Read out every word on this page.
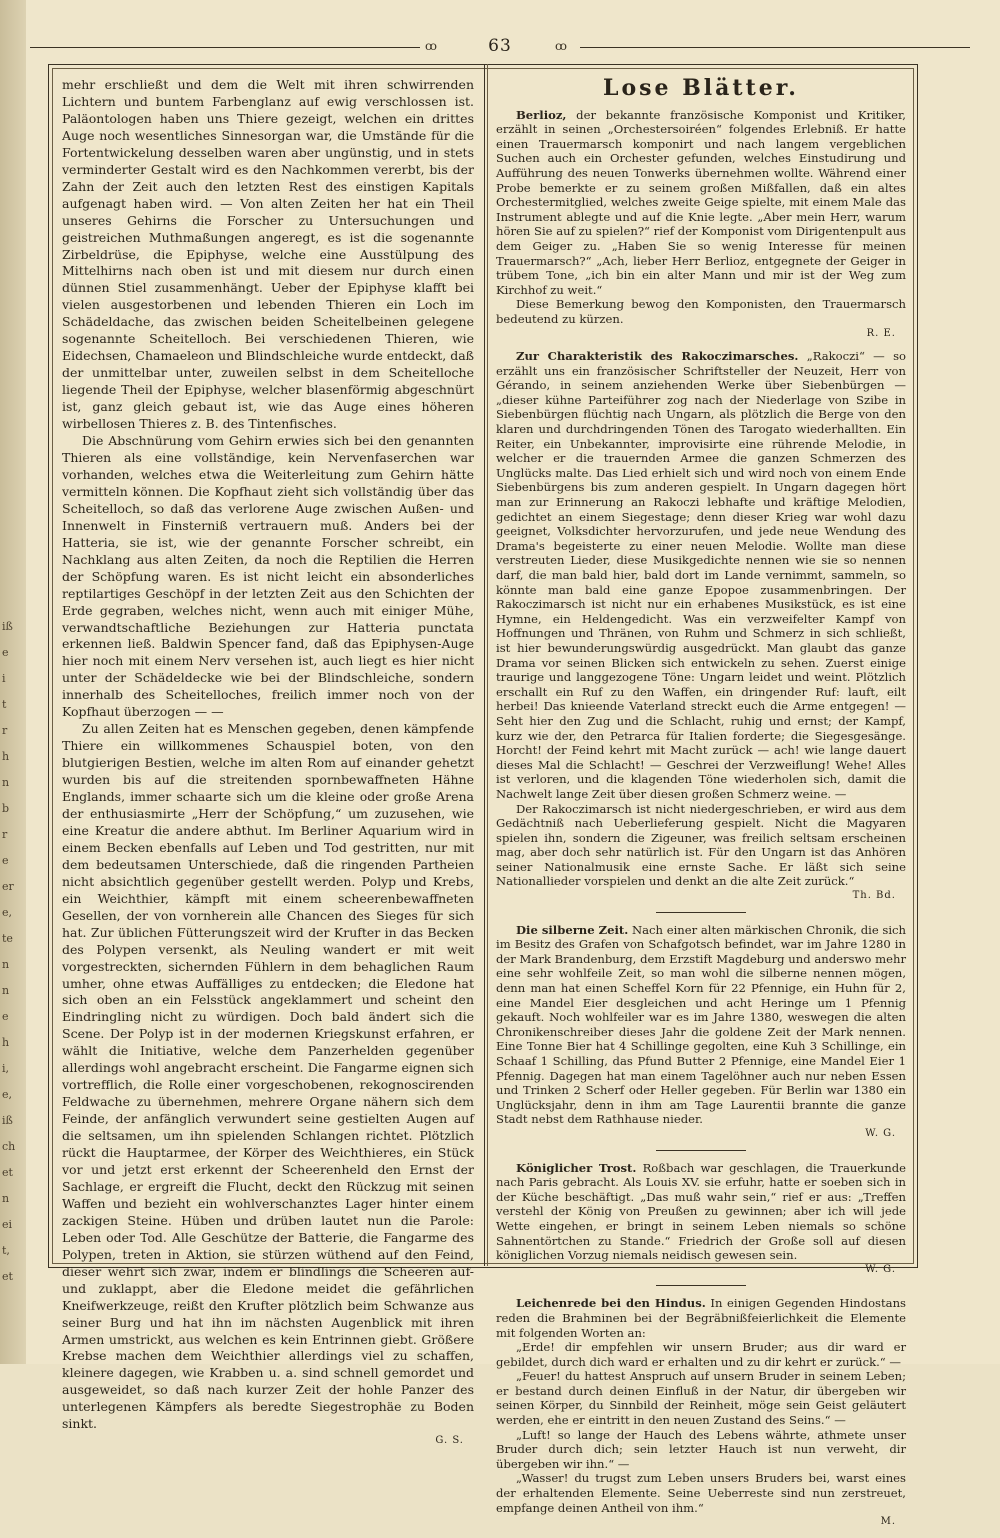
iß
e
i
t
r
h
n
b
r
e
er
e,
te
n
n
e
h
i,
e,
iß
ch
et
n
ei
t,
et
ꝏ	63	ꝏ

mehr erschließt und dem die Welt mit ihren schwirrenden Lichtern und buntem Farbenglanz auf ewig verschlossen ist. Paläontologen haben uns Thiere gezeigt, welchen ein drittes Auge noch wesentliches Sinnesorgan war, die Umstände für die Fortentwickelung desselben waren aber ungünstig, und in stets verminderter Gestalt wird es den Nachkommen vererbt, bis der Zahn der Zeit auch den letzten Rest des einstigen Kapitals aufgenagt haben wird. — Von alten Zeiten her hat ein Theil unseres Gehirns die Forscher zu Untersuchungen und geistreichen Muthmaßungen angeregt, es ist die sogenannte Zirbeldrüse, die Epiphyse, welche eine Ausstülpung des Mittelhirns nach oben ist und mit diesem nur durch einen dünnen Stiel zusammenhängt. Ueber der Epiphyse klafft bei vielen ausgestorbenen und lebenden Thieren ein Loch im Schädeldache, das zwischen beiden Scheitelbeinen gelegene sogenannte Scheitelloch. Bei verschiedenen Thieren, wie Eidechsen, Chamaeleon und Blindschleiche wurde entdeckt, daß der unmittelbar unter, zuweilen selbst in dem Scheitelloche liegende Theil der Epiphyse, welcher blasenförmig abgeschnürt ist, ganz gleich gebaut ist, wie das Auge eines höheren wirbellosen Thieres z. B. des Tintenfisches.

Die Abschnürung vom Gehirn erwies sich bei den genannten Thieren als eine vollständige, kein Nervenfaserchen war vorhanden, welches etwa die Weiterleitung zum Gehirn hätte vermitteln können. Die Kopfhaut zieht sich vollständig über das Scheitelloch, so daß das verlorene Auge zwischen Außen- und Innenwelt in Finsterniß vertrauern muß. Anders bei der Hatteria, sie ist, wie der genannte Forscher schreibt, ein Nachklang aus alten Zeiten, da noch die Reptilien die Herren der Schöpfung waren. Es ist nicht leicht ein absonderliches reptilartiges Geschöpf in der letzten Zeit aus den Schichten der Erde gegraben, welches nicht, wenn auch mit einiger Mühe, verwandtschaftliche Beziehungen zur Hatteria punctata erkennen ließ. Baldwin Spencer fand, daß das Epiphysen-Auge hier noch mit einem Nerv versehen ist, auch liegt es hier nicht unter der Schädeldecke wie bei der Blindschleiche, sondern innerhalb des Scheitelloches, freilich immer noch von der Kopfhaut überzogen — —

Zu allen Zeiten hat es Menschen gegeben, denen kämpfende Thiere ein willkommenes Schauspiel boten, von den blutgierigen Bestien, welche im alten Rom auf einander gehetzt wurden bis auf die streitenden spornbewaffneten Hähne Englands, immer schaarte sich um die kleine oder große Arena der enthusiasmirte „Herr der Schöpfung,“ um zuzusehen, wie eine Kreatur die andere abthut. Im Berliner Aquarium wird in einem Becken ebenfalls auf Leben und Tod gestritten, nur mit dem bedeutsamen Unterschiede, daß die ringenden Partheien nicht absichtlich gegenüber gestellt werden. Polyp und Krebs, ein Weichthier, kämpft mit einem scheerenbewaffneten Gesellen, der von vornherein alle Chancen des Sieges für sich hat. Zur üblichen Fütterungszeit wird der Krufter in das Becken des Polypen versenkt, als Neuling wandert er mit weit vorgestreckten, sichernden Fühlern in dem behaglichen Raum umher, ohne etwas Auffälliges zu entdecken; die Eledone hat sich oben an ein Felsstück angeklammert und scheint den Eindringling nicht zu würdigen. Doch bald ändert sich die Scene. Der Polyp ist in der modernen Kriegskunst erfahren, er wählt die Initiative, welche dem Panzerhelden gegenüber allerdings wohl angebracht erscheint. Die Fangarme eignen sich vortrefflich, die Rolle einer vorgeschobenen, rekognoscirenden Feldwache zu übernehmen, mehrere Organe nähern sich dem Feinde, der anfänglich verwundert seine gestielten Augen auf die seltsamen, um ihn spielenden Schlangen richtet. Plötzlich rückt die Hauptarmee, der Körper des Weichthieres, ein Stück vor und jetzt erst erkennt der Scheerenheld den Ernst der Sachlage, er ergreift die Flucht, deckt den Rückzug mit seinen Waffen und bezieht ein wohlverschanztes Lager hinter einem zackigen Steine. Hüben und drüben lautet nun die Parole: Leben oder Tod. Alle Geschütze der Batterie, die Fangarme des Polypen, treten in Aktion, sie stürzen wüthend auf den Feind, dieser wehrt sich zwar, indem er blindlings die Scheeren auf- und zuklappt, aber die Eledone meidet die gefährlichen Kneifwerkzeuge, reißt den Krufter plötzlich beim Schwanze aus seiner Burg und hat ihn im nächsten Augenblick mit ihren Armen umstrickt, aus welchen es kein Entrinnen giebt. Größere Krebse machen dem Weichthier allerdings viel zu schaffen, kleinere dagegen, wie Krabben u. a. sind schnell gemordet und ausgeweidet, so daß nach kurzer Zeit der hohle Panzer des unterlegenen Kämpfers als beredte Siegestrophäe zu Boden sinkt.

G. S.
Lose Blätter.

Berlioz, der bekannte französische Komponist und Kritiker, erzählt in seinen „Orchestersoiréen“ folgendes Erlebniß. Er hatte einen Trauermarsch komponirt und nach langem vergeblichen Suchen auch ein Orchester gefunden, welches Einstudirung und Aufführung des neuen Tonwerks übernehmen wollte. Während einer Probe bemerkte er zu seinem großen Mißfallen, daß ein altes Orchestermitglied, welches zweite Geige spielte, mit einem Male das Instrument ablegte und auf die Knie legte. „Aber mein Herr, warum hören Sie auf zu spielen?“ rief der Komponist vom Dirigentenpult aus dem Geiger zu. „Haben Sie so wenig Interesse für meinen Trauermarsch?“ „Ach, lieber Herr Berlioz, entgegnete der Geiger in trübem Tone, „ich bin ein alter Mann und mir ist der Weg zum Kirchhof zu weit.“

Diese Bemerkung bewog den Komponisten, den Trauermarsch bedeutend zu kürzen.

R. E.

Zur Charakteristik des Rakoczimarsches. „Rakoczi“ — so erzählt uns ein französischer Schriftsteller der Neuzeit, Herr von Gérando, in seinem anziehenden Werke über Siebenbürgen — „dieser kühne Parteiführer zog nach der Niederlage von Szibe in Siebenbürgen flüchtig nach Ungarn, als plötzlich die Berge von den klaren und durchdringenden Tönen des Tarogato wiederhallten. Ein Reiter, ein Unbekannter, improvisirte eine rührende Melodie, in welcher er die trauernden Armee die ganzen Schmerzen des Unglücks malte. Das Lied erhielt sich und wird noch von einem Ende Siebenbürgens bis zum anderen gespielt. In Ungarn dagegen hört man zur Erinnerung an Rakoczi lebhafte und kräftige Melodien, gedichtet an einem Siegestage; denn dieser Krieg war wohl dazu geeignet, Volksdichter hervorzurufen, und jede neue Wendung des Drama's begeisterte zu einer neuen Melodie. Wollte man diese verstreuten Lieder, diese Musikgedichte nennen wie sie so nennen darf, die man bald hier, bald dort im Lande vernimmt, sammeln, so könnte man bald eine ganze Epopoe zusammenbringen. Der Rakoczimarsch ist nicht nur ein erhabenes Musikstück, es ist eine Hymne, ein Heldengedicht. Was ein verzweifelter Kampf von Hoffnungen und Thränen, von Ruhm und Schmerz in sich schließt, ist hier bewunderungswürdig ausgedrückt. Man glaubt das ganze Drama vor seinen Blicken sich entwickeln zu sehen. Zuerst einige traurige und langgezogene Töne: Ungarn leidet und weint. Plötzlich erschallt ein Ruf zu den Waffen, ein dringender Ruf: lauft, eilt herbei! Das knieende Vaterland streckt euch die Arme entgegen! — Seht hier den Zug und die Schlacht, ruhig und ernst; der Kampf, kurz wie der, den Petrarca für Italien forderte; die Siegesgesänge. Horcht! der Feind kehrt mit Macht zurück — ach! wie lange dauert dieses Mal die Schlacht! — Geschrei der Verzweiflung! Wehe! Alles ist verloren, und die klagenden Töne wiederholen sich, damit die Nachwelt lange Zeit über diesen großen Schmerz weine. —

Der Rakoczimarsch ist nicht niedergeschrieben, er wird aus dem Gedächtniß nach Ueberlieferung gespielt. Nicht die Magyaren spielen ihn, sondern die Zigeuner, was freilich seltsam erscheinen mag, aber doch sehr natürlich ist. Für den Ungarn ist das Anhören seiner Nationalmusik eine ernste Sache. Er läßt sich seine Nationallieder vorspielen und denkt an die alte Zeit zurück.“

Th. Bd.

Die silberne Zeit. Nach einer alten märkischen Chronik, die sich im Besitz des Grafen von Schafgotsch befindet, war im Jahre 1280 in der Mark Brandenburg, dem Erzstift Magdeburg und anderswo mehr eine sehr wohlfeile Zeit, so man wohl die silberne nennen mögen, denn man hat einen Scheffel Korn für 22 Pfennige, ein Huhn für 2, eine Mandel Eier desgleichen und acht Heringe um 1 Pfennig gekauft. Noch wohlfeiler war es im Jahre 1380, weswegen die alten Chronikenschreiber dieses Jahr die goldene Zeit der Mark nennen. Eine Tonne Bier hat 4 Schillinge gegolten, eine Kuh 3 Schillinge, ein Schaaf 1 Schilling, das Pfund Butter 2 Pfennige, eine Mandel Eier 1 Pfennig. Dagegen hat man einem Tagelöhner auch nur neben Essen und Trinken 2 Scherf oder Heller gegeben. Für Berlin war 1380 ein Unglücksjahr, denn in ihm am Tage Laurentii brannte die ganze Stadt nebst dem Rathhause nieder.

W. G.

Königlicher Trost. Roßbach war geschlagen, die Trauerkunde nach Paris gebracht. Als Louis XV. sie erfuhr, hatte er soeben sich in der Küche beschäftigt. „Das muß wahr sein,“ rief er aus: „Treffen verstehl der König von Preußen zu gewinnen; aber ich will jede Wette eingehen, er bringt in seinem Leben niemals so schöne Sahnentörtchen zu Stande.“ Friedrich der Große soll auf diesen königlichen Vorzug niemals neidisch gewesen sein.

W. G.

Leichenrede bei den Hindus. In einigen Gegenden Hindostans reden die Brahminen bei der Begräbnißfeierlichkeit die Elemente mit folgenden Worten an:

„Erde! dir empfehlen wir unsern Bruder; aus dir ward er gebildet, durch dich ward er erhalten und zu dir kehrt er zurück.“ —

„Feuer! du hattest Anspruch auf unsern Bruder in seinem Leben; er bestand durch deinen Einfluß in der Natur, dir übergeben wir seinen Körper, du Sinnbild der Reinheit, möge sein Geist geläutert werden, ehe er eintritt in den neuen Zustand des Seins.“ —

„Luft! so lange der Hauch des Lebens währte, athmete unser Bruder durch dich; sein letzter Hauch ist nun verweht, dir übergeben wir ihn.“ —

„Wasser! du trugst zum Leben unsers Bruders bei, warst eines der erhaltenden Elemente. Seine Ueberreste sind nun zerstreuet, empfange deinen Antheil von ihm.“

M.
